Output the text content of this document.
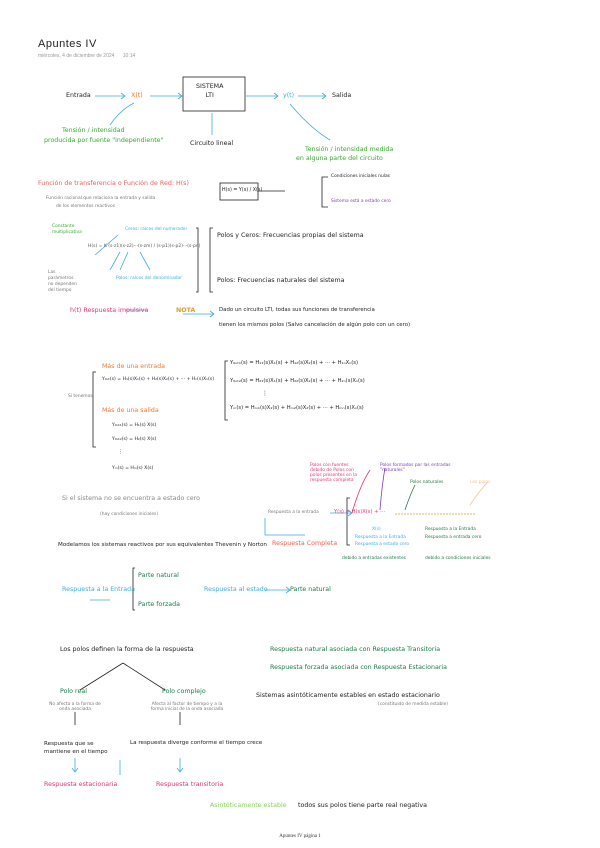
Apuntes IV
miércoles, 4 de diciembre de 2024 10:14
Entrada	X(t)
SISTEMA
LTI	y(t)	Salida
Tensión / intensidad
producida por fuente "independiente"	Circuito lineal
Tensión / intensidad medida
en alguna parte del circuito
Función de transferencia o Función de Red: H(s)
Función racional que relaciona la entrada y salida
de los elementos reactivos
H(s) = Y(s) / X(s)
Condiciones iniciales nulas
Sistema está a estado cero
Constante multiplicativa
Ceros: raíces del numerador
H(s) = K (s-z1)(s-z2)···(s-zm) / (s-p1)(s-p2)···(s-pn)
Polos: raíces del denominador
Las parámetros no dependen del tiempo
Polos y Ceros: Frecuencias propias del sistema
Polos: Frecuencias naturales del sistema
h(t) Respuesta impulsiva	NOTA	Dado un circuito LTI, todas sus funciones de transferencia
tienen los mismos polos (Salvo cancelación de algún polo con un cero)
Si tenemos
Más de una entrada
Y₀ᵤₜ(s) = H₁(s)X₁(s) + H₂(s)X₂(s) + ··· + Hₙ(s)Xₙ(s)
Más de una salida
Y₀ᵤₜ₁(s) = H₁(s) X(s)
Y₀ᵤₜ₂(s) = H₂(s) X(s)
⋮
Yₘ(s) = Hₘ(s) X(s)
Y₀ᵤₜ₁(s) = H₁₁(s)X₁(s) + H₁₂(s)X₂(s) + ··· + H₁ₙXₙ(s)
Y₀ᵤₜ₂(s) = H₂₁(s)X₁(s) + H₂₂(s)X₂(s) + ··· + H₂ₙ(s)Xₙ(s)
⋮
Yₘ(s) = Hₘ₁(s)X₁(s) + Hₘ₂(s)X₂(s) + ··· + Hₘₙ(s)Xₙ(s)
Si el sistema no se encuentra a estado cero
(hay condiciones iniciales)
Modelamos los sistemas reactivos por sus equivalentes Thevenin y Norton
Respuesta a la entrada
Respuesta Completa
Y(s) = H(s)X(s) + ···
Polos con fuentes debido de Polos con polos presentes en la respuesta completa
Polos formados por las entradas "naturales"
Polos naturales	Los polos
X(s)
Respuesta a la Entrada
Respuesta a estado cero
Respuesta a la Entrada
Respuesta a entrada cero
debido a entradas existentes	debido a condiciones iniciales
Respuesta a la Entrada
Parte natural
Parte forzada
Respuesta al estado	Parte natural
Los polos definen la forma de la respuesta
Polo real
No afecta a la forma de onda asociada
Polo complejo
Afecta al factor de tiempo y a la forma inicial de la onda asociada
Respuesta que se mantiene en el tiempo
La respuesta diverge conforme el tiempo crece
Respuesta estacionaria	Respuesta transitoria
Respuesta natural asociada con Respuesta Transitoria
Respuesta forzada asociada con Respuesta Estacionaria
Sistemas asintóticamente estables en estado estacionario
(constituido de medida estable)
Asintóticamente estable todos sus polos tiene parte real negativa
Apuntes IV página 1
